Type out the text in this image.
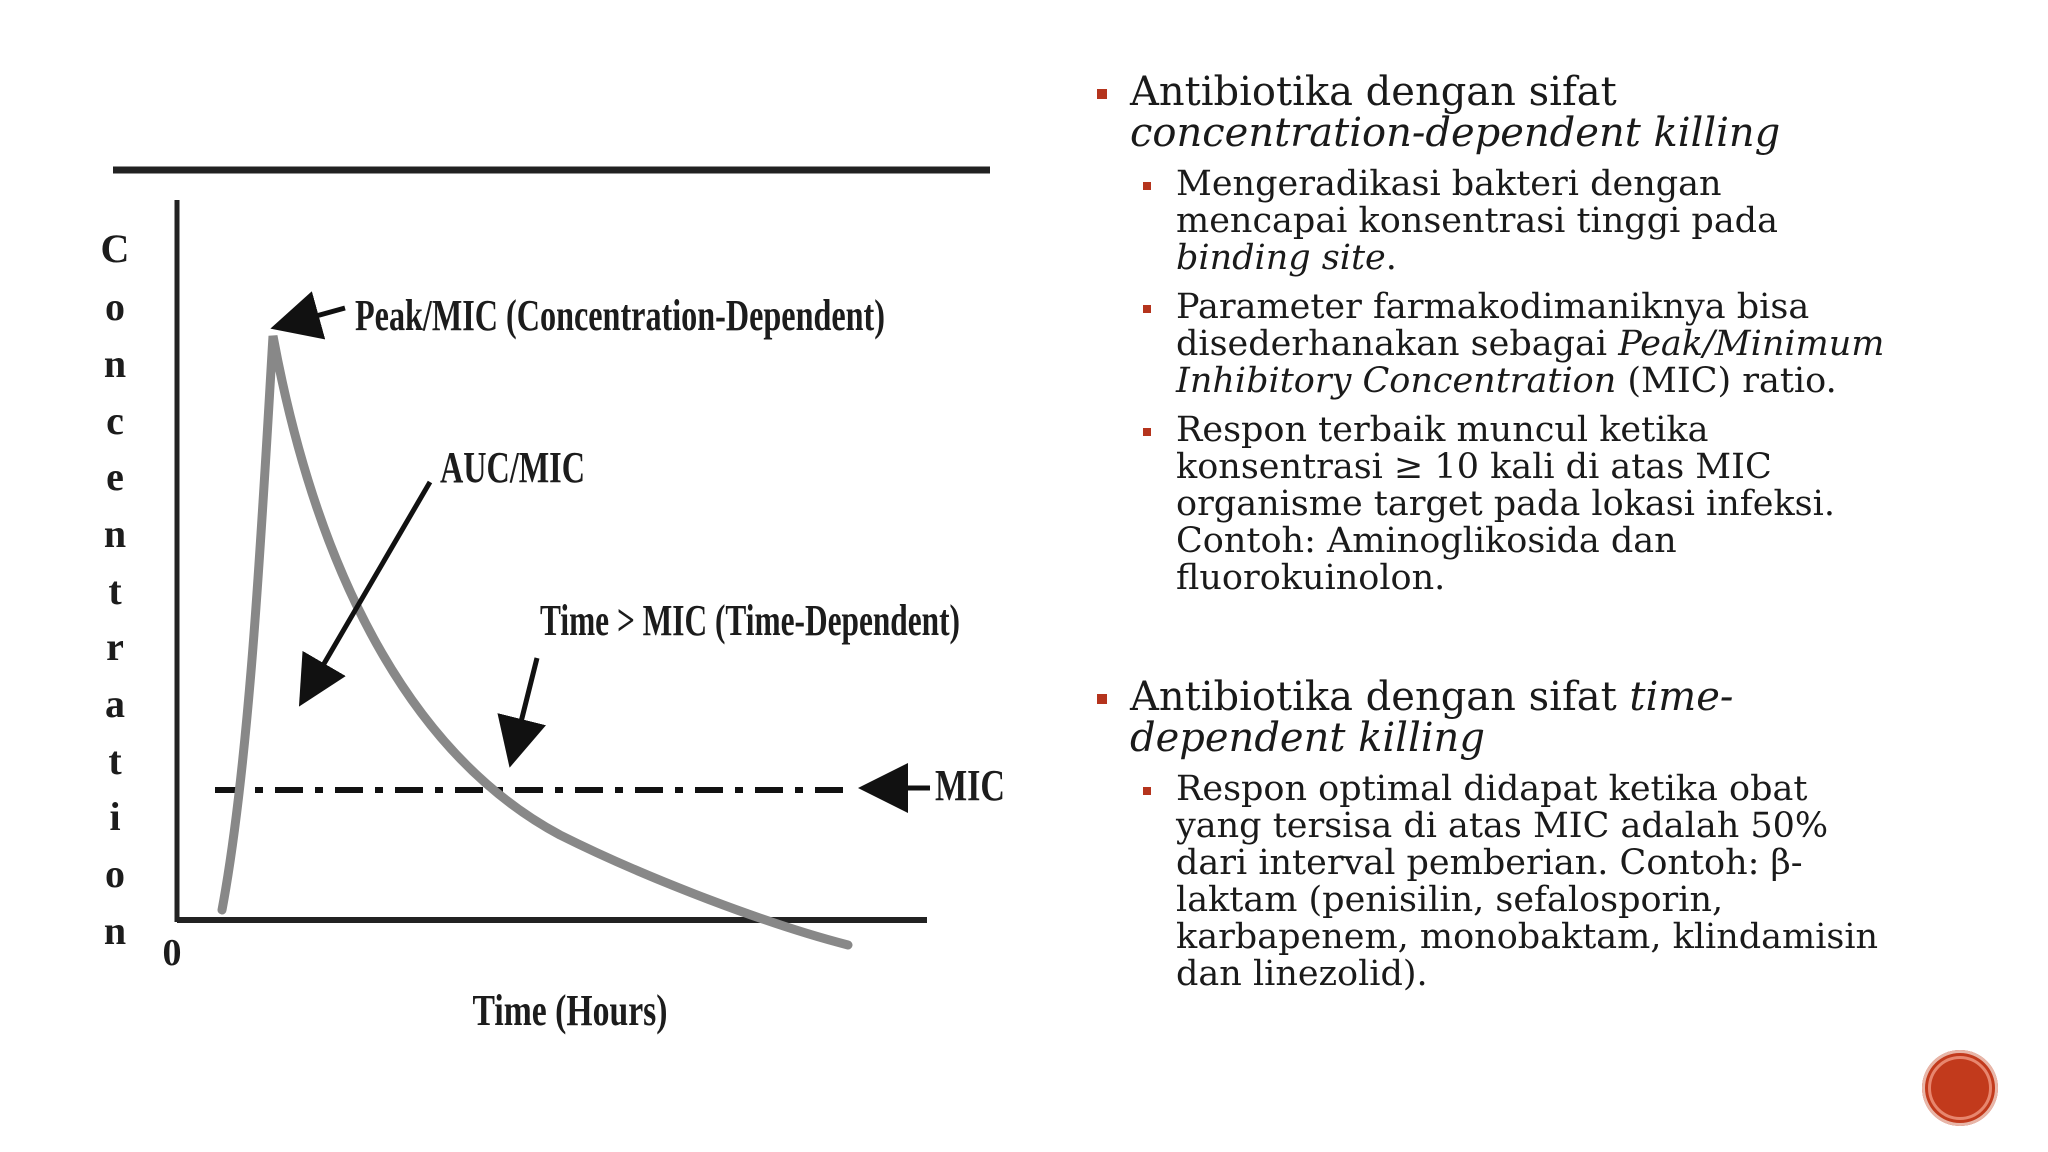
C
o
n
c
e
n
t
r
a
t
i
o
n 0
Time (Hours)
Peak/MIC (Concentration-Dependent)
AUC/MIC
Time > MIC (Time-Dependent)
MIC
Antibiotika dengan sifat
concentration-dependent killing
Mengeradikasi bakteri dengan mencapai konsentrasi tinggi pada binding site.
Parameter farmakodimaniknya bisa disederhanakan sebagai Peak/Minimum Inhibitory Concentration (MIC) ratio.
Respon terbaik muncul ketika konsentrasi ≥ 10 kali di atas MIC organisme target pada lokasi infeksi. Contoh: Aminoglikosida dan fluorokuinolon.
Antibiotika dengan sifat time-dependent killing
Respon optimal didapat ketika obat yang tersisa di atas MIC adalah 50% dari interval pemberian. Contoh: β-laktam (penisilin, sefalosporin, karbapenem, monobaktam, klindamisin dan linezolid).
